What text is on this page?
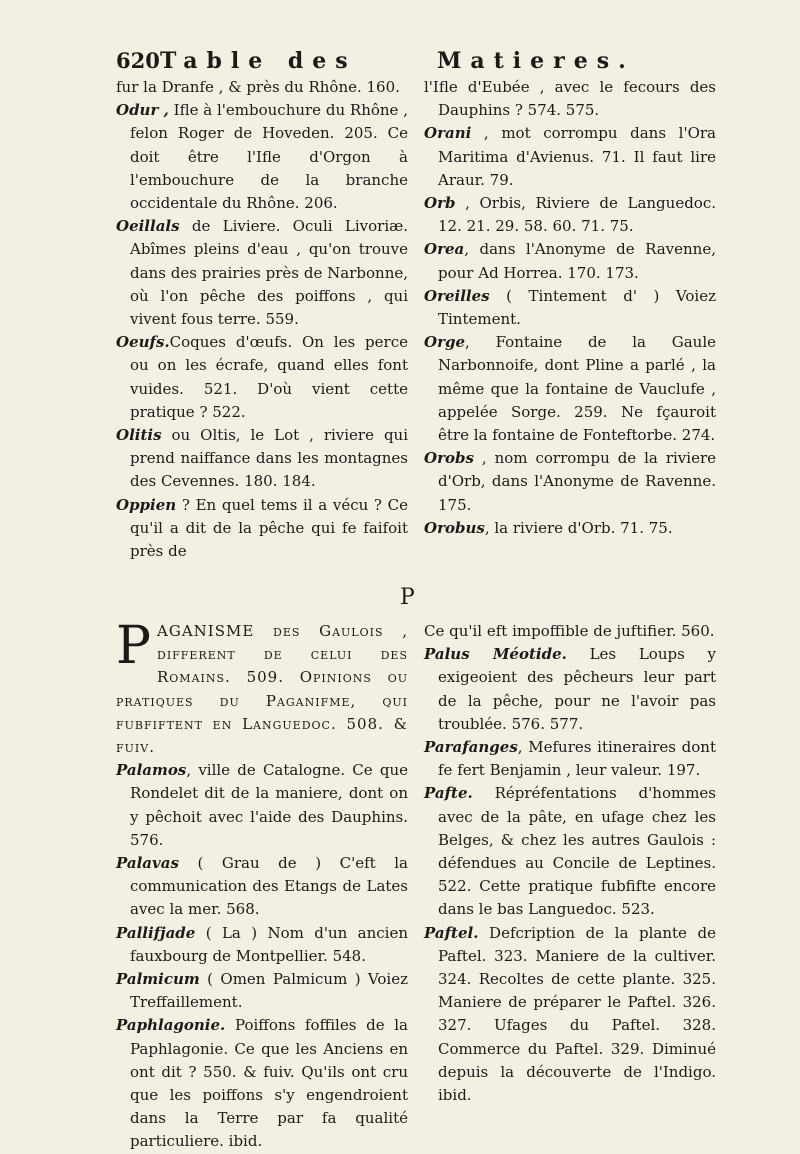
620 Table des	Matieres.

fur la Dranfe , & près du Rhône. 160.

Odur , Ifle à l'embouchure du Rhône , felon Roger de Hoveden. 205. Ce doit être l'Ifle d'Orgon à l'embouchure de la branche occidentale du Rhône. 206.

Oeillals de Liviere. Oculi Livoriæ. Abîmes pleins d'eau , qu'on trouve dans des prairies près de Narbonne, où l'on pêche des poiffons , qui vivent fous terre. 559.

Oeufs.Coques d'œufs. On les perce ou on les écrafe, quand elles font vuides. 521. D'où vient cette pratique ? 522.

Olitis ou Oltis, le Lot , riviere qui prend naiffance dans les montagnes des Cevennes. 180. 184.

Oppien ? En quel tems il a vécu ? Ce qu'il a dit de la pêche qui fe faifoit près de

l'Ifle d'Eubée , avec le fecours des Dauphins ? 574. 575.

Orani , mot corrompu dans l'Ora Maritima d'Avienus. 71. Il faut lire Araur. 79.

Orb , Orbis, Riviere de Languedoc. 12. 21. 29. 58. 60. 71. 75.

Orea, dans l'Anonyme de Ravenne, pour Ad Horrea. 170. 173.

Oreilles ( Tintement d' ) Voiez Tintement.

Orge, Fontaine de la Gaule Narbonnoife, dont Pline a parlé , la même que la fontaine de Vauclufe , appelée Sorge. 259. Ne fçauroit être la fontaine de Fonteftorbe. 274.

Orobs , nom corrompu de la riviere d'Orb, dans l'Anonyme de Ravenne. 175.

Orobus, la riviere d'Orb. 71. 75.

P

PAGANISME des Gaulois , different de celui des Romains. 509. Opinions ou pratiques du Paganifme, qui fubfiftent en Languedoc. 508. & fuiv.

Palamos, ville de Catalogne. Ce que Rondelet dit de la maniere, dont on y pêchoit avec l'aide des Dauphins. 576.

Palavas ( Grau de ) C'eft la communication des Etangs de Lates avec la mer. 568.

Pallifjade ( La ) Nom d'un ancien fauxbourg de Montpellier. 548.

Palmicum ( Omen Palmicum ) Voiez Treffaillement.

Paphlagonie. Poiffons foffiles de la Paphlagonie. Ce que les Anciens en ont dit ? 550. & fuiv. Qu'ils ont cru que les poiffons s'y engendroient dans la Terre par fa qualité particuliere. ibid.

Ce qu'il eft impoffible de juftifier. 560.

Palus Méotide. Les Loups y exigeoient des pêcheurs leur part de la pêche, pour ne l'avoir pas troublée. 576. 577.

Parafanges, Mefures itineraires dont fe fert Benjamin , leur valeur. 197.

Pafte. Répréfentations d'hommes avec de la pâte, en ufage chez les Belges, & chez les autres Gaulois : défendues au Concile de Leptines. 522. Cette pratique fubfifte encore dans le bas Languedoc. 523.

Paftel. Defcription de la plante de Paftel. 323. Maniere de la cultiver. 324. Recoltes de cette plante. 325. Maniere de préparer le Paftel. 326. 327. Ufages du Paftel. 328. Commerce du Paftel. 329. Diminué depuis la découverte de l'Indigo. ibid.
